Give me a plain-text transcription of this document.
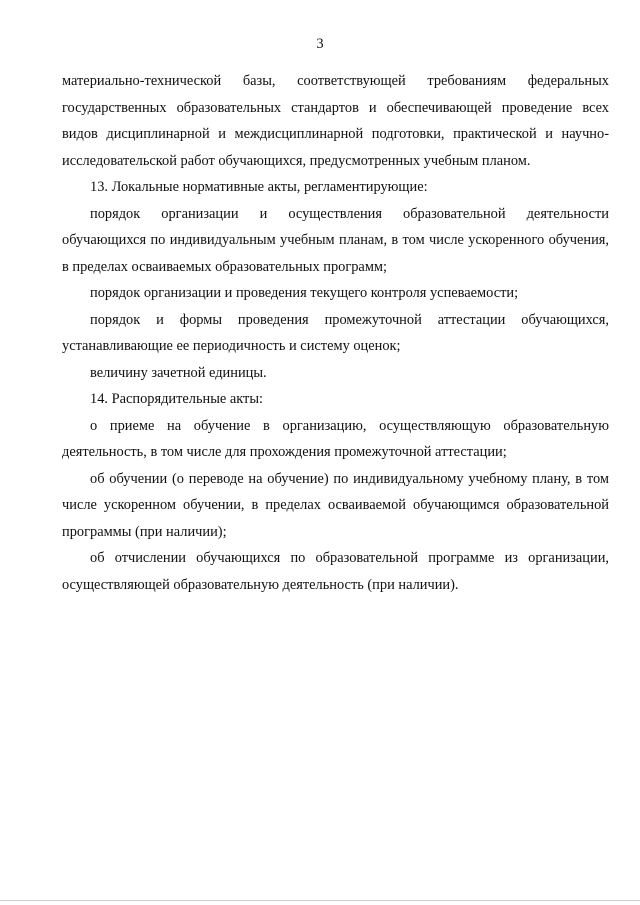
3

материально-технической базы, соответствующей требованиям федеральных государственных образовательных стандартов и обеспечивающей проведение всех видов дисциплинарной и междисциплинарной подготовки, практической и научно-исследовательской работ обучающихся, предусмотренных учебным планом.

13. Локальные нормативные акты, регламентирующие:

порядок организации и осуществления образовательной деятельности обучающихся по индивидуальным учебным планам, в том числе ускоренного обучения, в пределах осваиваемых образовательных программ;

порядок организации и проведения текущего контроля успеваемости;

порядок и формы проведения промежуточной аттестации обучающихся, устанавливающие ее периодичность и систему оценок;

величину зачетной единицы.

14. Распорядительные акты:

о приеме на обучение в организацию, осуществляющую образовательную деятельность, в том числе для прохождения промежуточной аттестации;

об обучении (о переводе на обучение) по индивидуальному учебному плану, в том числе ускоренном обучении, в пределах осваиваемой обучающимся образовательной программы (при наличии);

об отчислении обучающихся по образовательной программе из организации, осуществляющей образовательную деятельность (при наличии).
